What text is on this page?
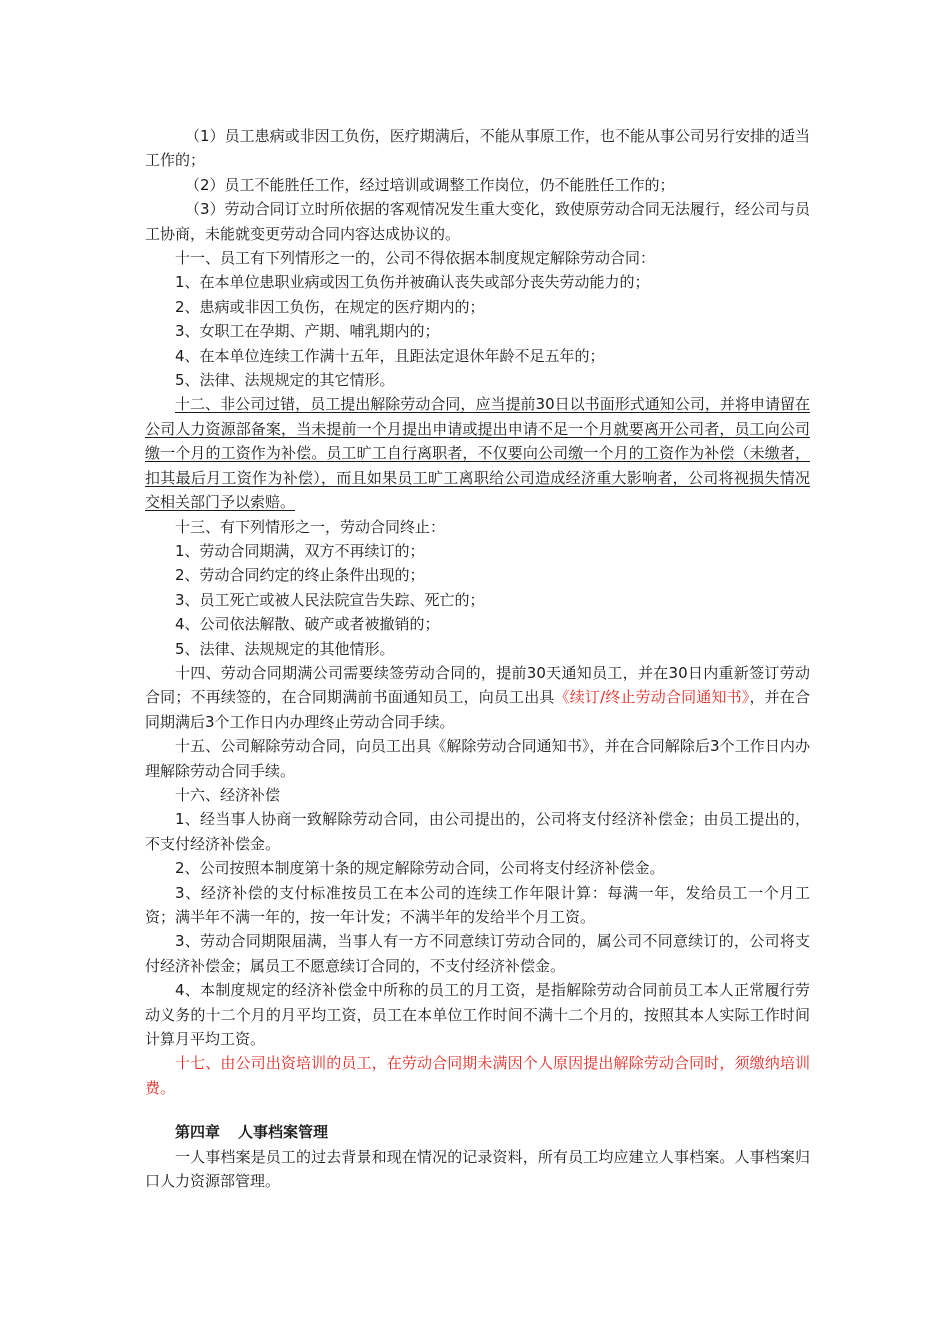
（1）员工患病或非因工负伤，医疗期满后，不能从事原工作，也不能从事公司另行安排的适当工作的；

（2）员工不能胜任工作，经过培训或调整工作岗位，仍不能胜任工作的；

（3）劳动合同订立时所依据的客观情况发生重大变化，致使原劳动合同无法履行，经公司与员工协商，未能就变更劳动合同内容达成协议的。

十一、员工有下列情形之一的，公司不得依据本制度规定解除劳动合同：

1、在本单位患职业病或因工负伤并被确认丧失或部分丧失劳动能力的；

2、患病或非因工负伤，在规定的医疗期内的；

3、女职工在孕期、产期、哺乳期内的；

4、在本单位连续工作满十五年，且距法定退休年龄不足五年的；

5、法律、法规规定的其它情形。

十二、非公司过错，员工提出解除劳动合同，应当提前30日以书面形式通知公司，并将申请留在公司人力资源部备案，当未提前一个月提出申请或提出申请不足一个月就要离开公司者，员工向公司缴一个月的工资作为补偿。员工旷工自行离职者，不仅要向公司缴一个月的工资作为补偿（未缴者，扣其最后月工资作为补偿），而且如果员工旷工离职给公司造成经济重大影响者，公司将视损失情况交相关部门予以索赔。

十三、有下列情形之一，劳动合同终止：

1、劳动合同期满，双方不再续订的；

2、劳动合同约定的终止条件出现的；

3、员工死亡或被人民法院宣告失踪、死亡的；

4、公司依法解散、破产或者被撤销的；

5、法律、法规规定的其他情形。

十四、劳动合同期满公司需要续签劳动合同的，提前30天通知员工，并在30日内重新签订劳动合同；不再续签的，在合同期满前书面通知员工，向员工出具《续订/终止劳动合同通知书》，并在合同期满后3个工作日内办理终止劳动合同手续。

十五、公司解除劳动合同，向员工出具《解除劳动合同通知书》，并在合同解除后3个工作日内办理解除劳动合同手续。

十六、经济补偿

1、经当事人协商一致解除劳动合同，由公司提出的，公司将支付经济补偿金；由员工提出的，不支付经济补偿金。

2、公司按照本制度第十条的规定解除劳动合同，公司将支付经济补偿金。

3、经济补偿的支付标准按员工在本公司的连续工作年限计算：每满一年，发给员工一个月工资；满半年不满一年的，按一年计发；不满半年的发给半个月工资。

3、劳动合同期限届满，当事人有一方不同意续订劳动合同的，属公司不同意续订的，公司将支付经济补偿金；属员工不愿意续订合同的，不支付经济补偿金。

4、本制度规定的经济补偿金中所称的员工的月工资，是指解除劳动合同前员工本人正常履行劳动义务的十二个月的月平均工资，员工在本单位工作时间不满十二个月的，按照其本人实际工作时间计算月平均工资。

十七、由公司出资培训的员工，在劳动合同期未满因个人原因提出解除劳动合同时，须缴纳培训费。

第四章 人事档案管理

一人事档案是员工的过去背景和现在情况的记录资料，所有员工均应建立人事档案。人事档案归口人力资源部管理。
